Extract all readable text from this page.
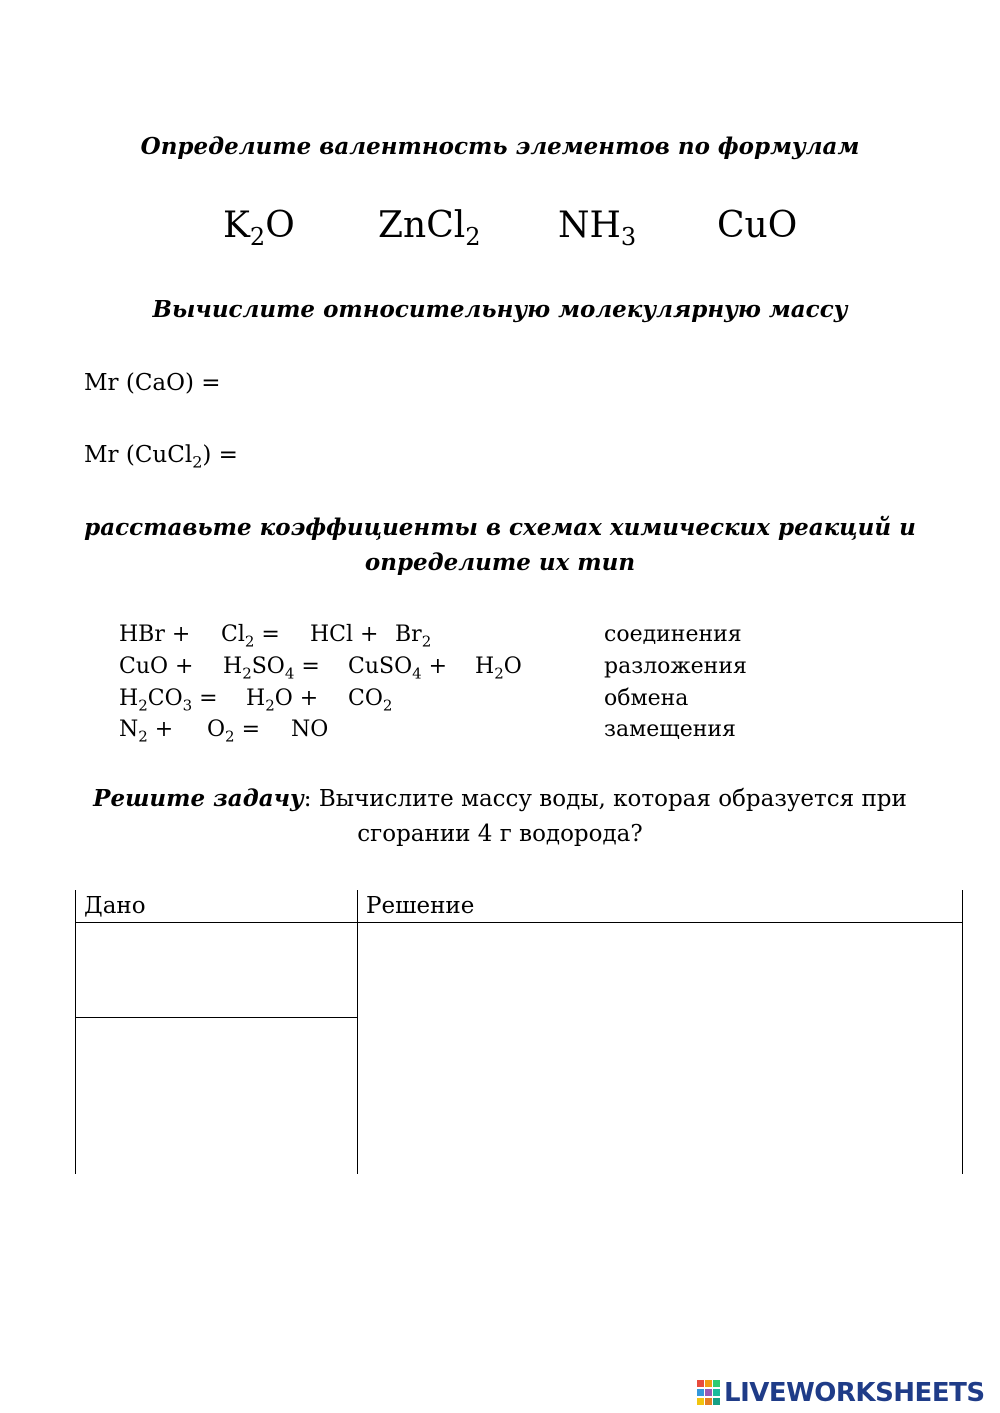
Определите валентность элементов по формулам
$K_2O$ ZnCl$_2$ $NH_3$ CuO
Вычислите относительную молекулярную массу
Mr (CaO) =
Mr (CuCl$_2$) =
расставьте коэффициенты в схемах химических реакций и
определите их тип
HBr + $Cl_2$ = HCl + $Br_2$
CuO + $H_2SO_4$ = CuSO$_4$ + $H_2O$
$H_2CO_3 = H_2O + CO_2$
$N_2 + O_2$ = NO
соединения
разложения
обмена
замещения
Решите задачу: Вычислите массу воды, которая образуется при
сгорании 4 г водорода?
Дано	Решение
LIVEWORKSHEETS
